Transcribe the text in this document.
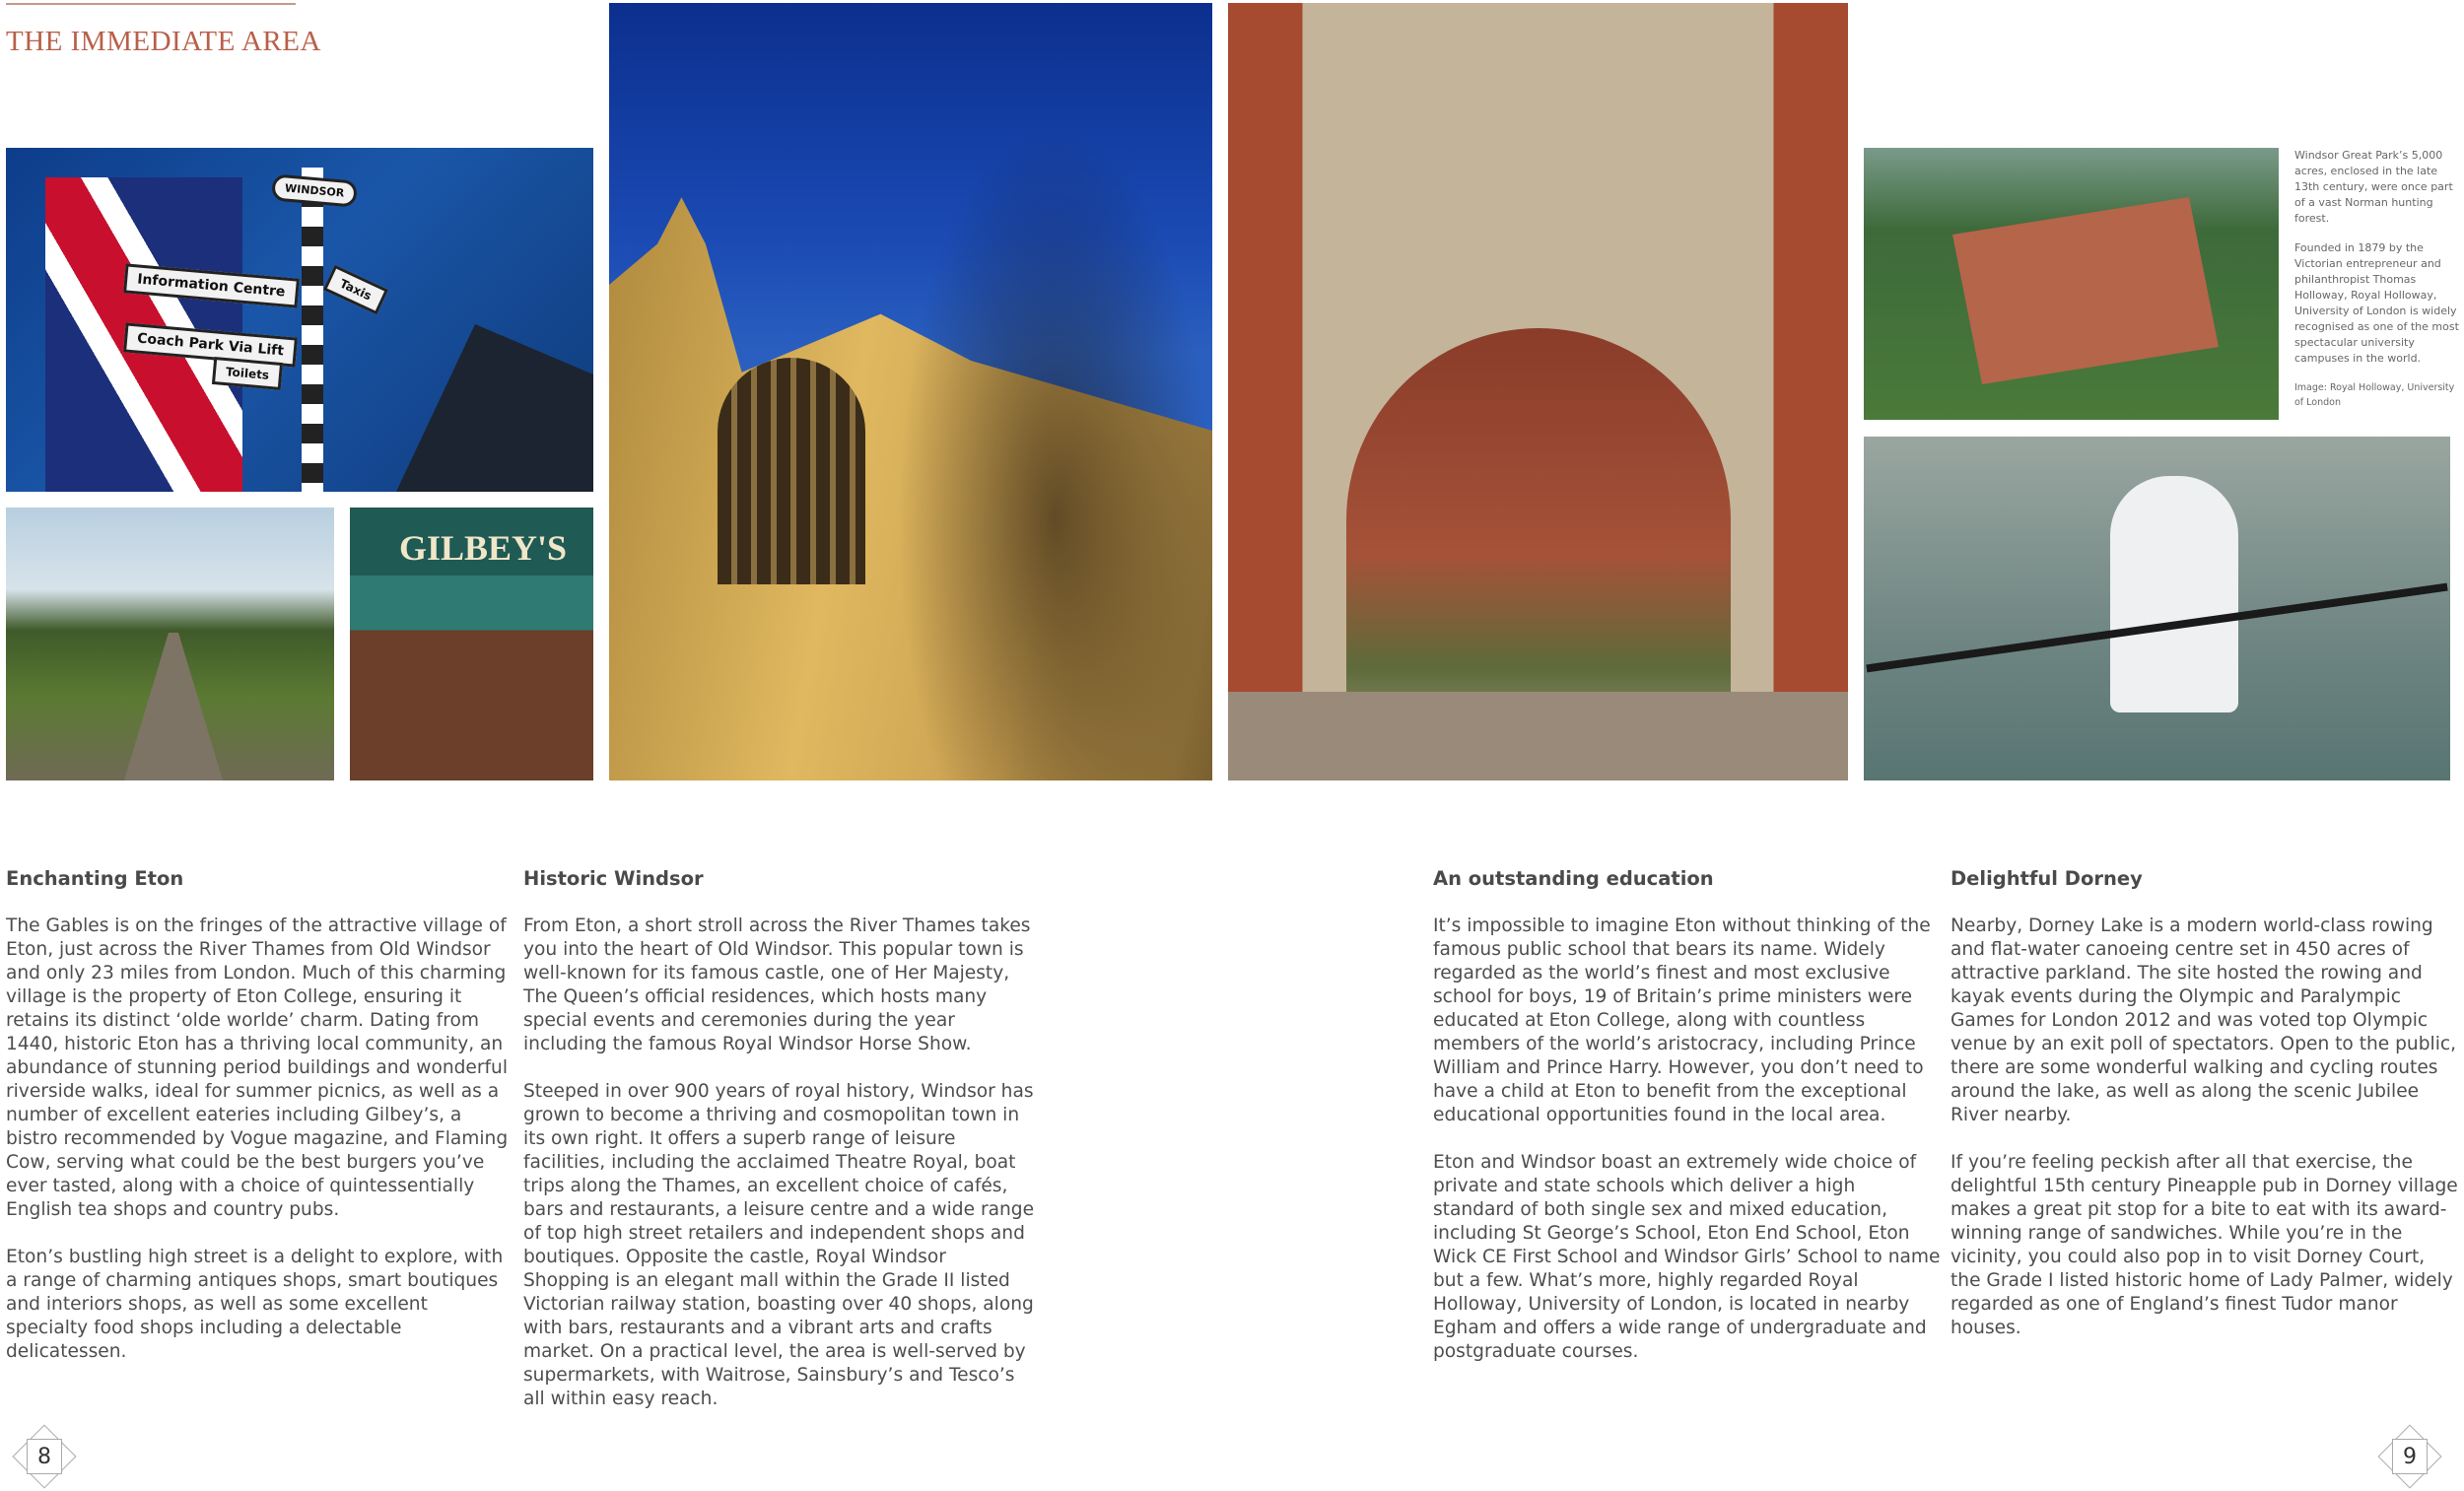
THE IMMEDIATE AREA
Information Centre
Coach Park Via Lift
Toilets
Taxis
WINDSOR
GILBEY'S

Windsor Great Park’s 5,000 acres, enclosed in the late 13th century, were once part of a vast Norman hunting forest.

Founded in 1879 by the Victorian entrepreneur and philanthropist Thomas Holloway, Royal Holloway, University of London is widely recognised as one of the most spectacular university campuses in the world.

Image: Royal Holloway, University of London

Enchanting Eton

The Gables is on the fringes of the attractive village of Eton, just across the River Thames from Old Windsor and only 23 miles from London. Much of this charming village is the property of Eton College, ensuring it retains its distinct ‘olde worlde’ charm. Dating from 1440, historic Eton has a thriving local community, an abundance of stunning period buildings and wonderful riverside walks, ideal for summer picnics, as well as a number of excellent eateries including Gilbey’s, a bistro recommended by Vogue magazine, and Flaming Cow, serving what could be the best burgers you’ve ever tasted, along with a choice of quintessentially English tea shops and country pubs.

Eton’s bustling high street is a delight to explore, with a range of charming antiques shops, smart boutiques and interiors shops, as well as some excellent specialty food shops including a delectable delicatessen.

Historic Windsor

From Eton, a short stroll across the River Thames takes you into the heart of Old Windsor. This popular town is well-known for its famous castle, one of Her Majesty, The Queen’s official residences, which hosts many special events and ceremonies during the year including the famous Royal Windsor Horse Show.

Steeped in over 900 years of royal history, Windsor has grown to become a thriving and cosmopolitan town in its own right. It offers a superb range of leisure facilities, including the acclaimed Theatre Royal, boat trips along the Thames, an excellent choice of cafés, bars and restaurants, a leisure centre and a wide range of top high street retailers and independent shops and boutiques. Opposite the castle, Royal Windsor Shopping is an elegant mall within the Grade II listed Victorian railway station, boasting over 40 shops, along with bars, restaurants and a vibrant arts and crafts market. On a practical level, the area is well-served by supermarkets, with Waitrose, Sainsbury’s and Tesco’s all within easy reach.

An outstanding education

It’s impossible to imagine Eton without thinking of the famous public school that bears its name. Widely regarded as the world’s finest and most exclusive school for boys, 19 of Britain’s prime ministers were educated at Eton College, along with countless members of the world’s aristocracy, including Prince William and Prince Harry. However, you don’t need to have a child at Eton to benefit from the exceptional educational opportunities found in the local area.

Eton and Windsor boast an extremely wide choice of private and state schools which deliver a high standard of both single sex and mixed education, including St George’s School, Eton End School, Eton Wick CE First School and Windsor Girls’ School to name but a few. What’s more, highly regarded Royal Holloway, University of London, is located in nearby Egham and offers a wide range of undergraduate and postgraduate courses.

Delightful Dorney

Nearby, Dorney Lake is a modern world-class rowing and flat-water canoeing centre set in 450 acres of attractive parkland. The site hosted the rowing and kayak events during the Olympic and Paralympic Games for London 2012 and was voted top Olympic venue by an exit poll of spectators. Open to the public, there are some wonderful walking and cycling routes around the lake, as well as along the scenic Jubilee River nearby.

If you’re feeling peckish after all that exercise, the delightful 15th century Pineapple pub in Dorney village makes a great pit stop for a bite to eat with its award-winning range of sandwiches. While you’re in the vicinity, you could also pop in to visit Dorney Court, the Grade I listed historic home of Lady Palmer, widely regarded as one of England’s finest Tudor manor houses.

8	9
